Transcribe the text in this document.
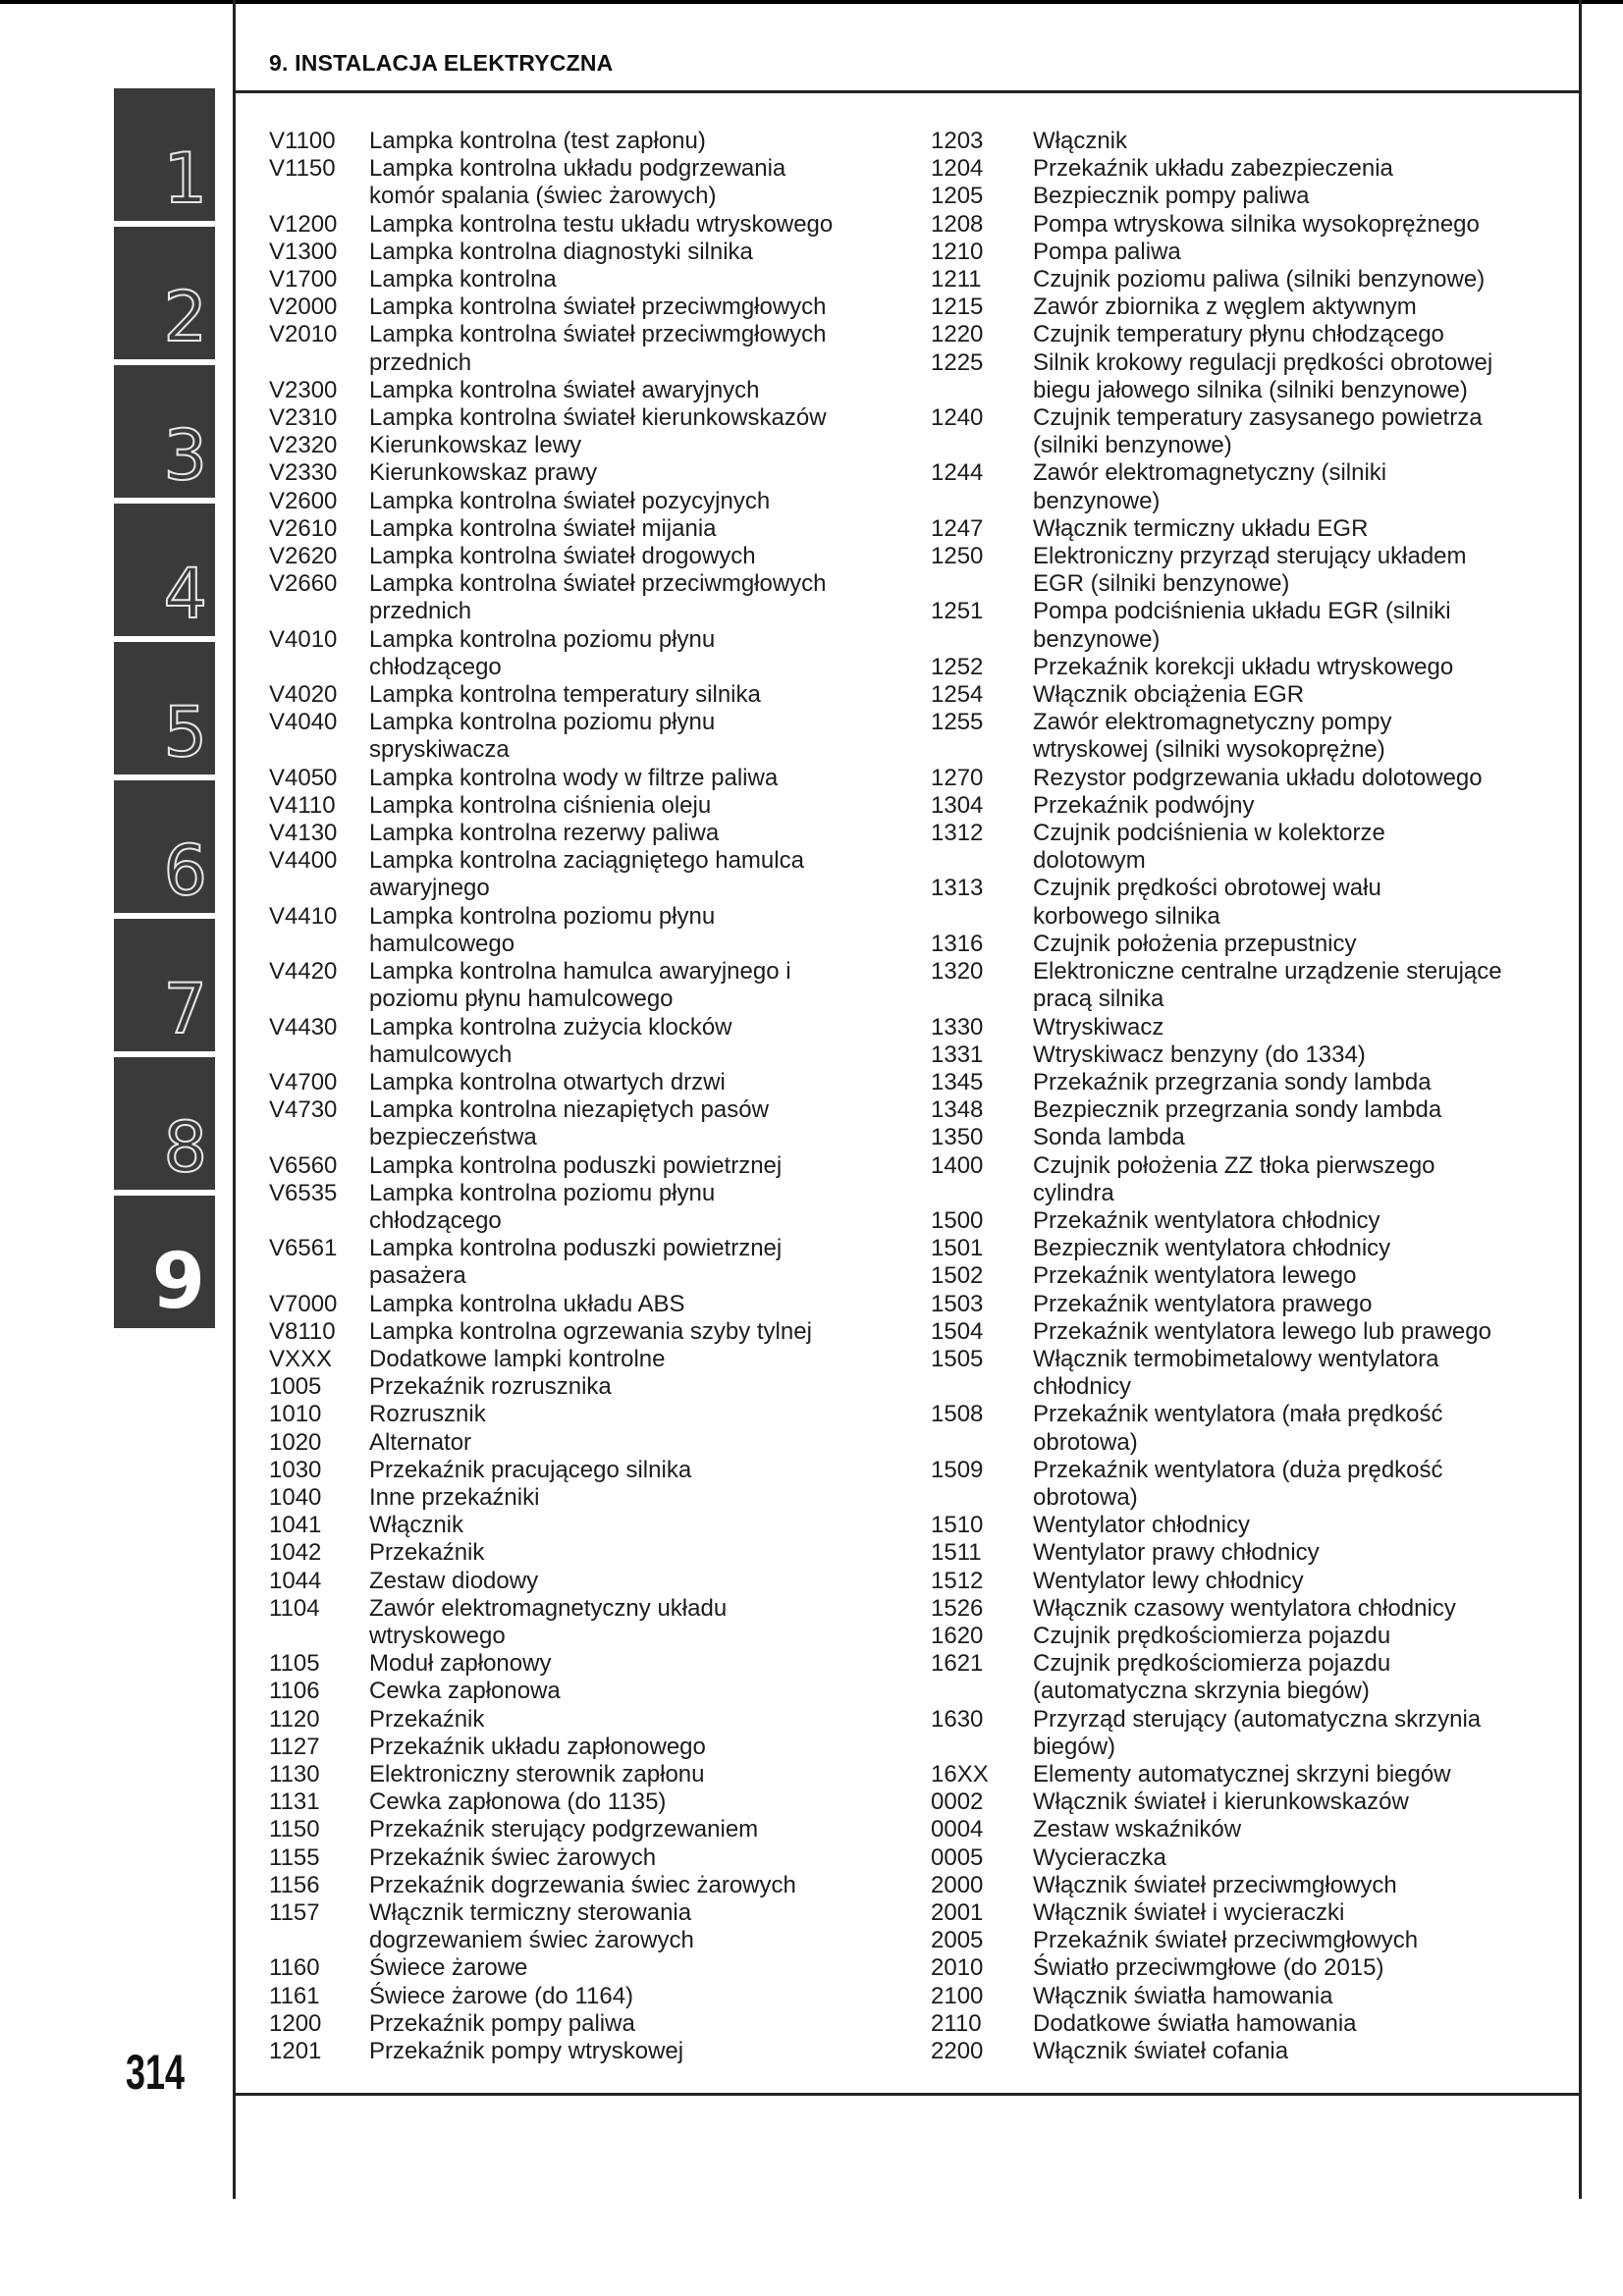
9. INSTALACJA ELEKTRYCZNA
1
2
3
4
5
6
7
8
9
314
V1100	Lampka kontrolna (test zapłonu)
V1150	Lampka kontrolna układu podgrzewania
komór spalania (świec żarowych)
V1200	Lampka kontrolna testu układu wtryskowego
V1300	Lampka kontrolna diagnostyki silnika
V1700	Lampka kontrolna
V2000	Lampka kontrolna świateł przeciwmgłowych
V2010	Lampka kontrolna świateł przeciwmgłowych
przednich
V2300	Lampka kontrolna świateł awaryjnych
V2310	Lampka kontrolna świateł kierunkowskazów
V2320	Kierunkowskaz lewy
V2330	Kierunkowskaz prawy
V2600	Lampka kontrolna świateł pozycyjnych
V2610	Lampka kontrolna świateł mijania
V2620	Lampka kontrolna świateł drogowych
V2660	Lampka kontrolna świateł przeciwmgłowych
przednich
V4010	Lampka kontrolna poziomu płynu
chłodzącego
V4020	Lampka kontrolna temperatury silnika
V4040	Lampka kontrolna poziomu płynu
spryskiwacza
V4050	Lampka kontrolna wody w filtrze paliwa
V4110	Lampka kontrolna ciśnienia oleju
V4130	Lampka kontrolna rezerwy paliwa
V4400	Lampka kontrolna zaciągniętego hamulca
awaryjnego
V4410	Lampka kontrolna poziomu płynu
hamulcowego
V4420	Lampka kontrolna hamulca awaryjnego i
poziomu płynu hamulcowego
V4430	Lampka kontrolna zużycia klocków
hamulcowych
V4700	Lampka kontrolna otwartych drzwi
V4730	Lampka kontrolna niezapiętych pasów
bezpieczeństwa
V6560	Lampka kontrolna poduszki powietrznej
V6535	Lampka kontrolna poziomu płynu
chłodzącego
V6561	Lampka kontrolna poduszki powietrznej
pasażera
V7000	Lampka kontrolna układu ABS
V8110	Lampka kontrolna ogrzewania szyby tylnej
VXXX	Dodatkowe lampki kontrolne
1005	Przekaźnik rozrusznika
1010	Rozrusznik
1020	Alternator
1030	Przekaźnik pracującego silnika
1040	Inne przekaźniki
1041	Włącznik
1042	Przekaźnik
1044	Zestaw diodowy
1104	Zawór elektromagnetyczny układu
wtryskowego
1105	Moduł zapłonowy
1106	Cewka zapłonowa
1120	Przekaźnik
1127	Przekaźnik układu zapłonowego
1130	Elektroniczny sterownik zapłonu
1131	Cewka zapłonowa (do 1135)
1150	Przekaźnik sterujący podgrzewaniem
1155	Przekaźnik świec żarowych
1156	Przekaźnik dogrzewania świec żarowych
1157	Włącznik termiczny sterowania
dogrzewaniem świec żarowych
1160	Świece żarowe
1161	Świece żarowe (do 1164)
1200	Przekaźnik pompy paliwa
1201	Przekaźnik pompy wtryskowej
1203	Włącznik
1204	Przekaźnik układu zabezpieczenia
1205	Bezpiecznik pompy paliwa
1208	Pompa wtryskowa silnika wysokoprężnego
1210	Pompa paliwa
1211	Czujnik poziomu paliwa (silniki benzynowe)
1215	Zawór zbiornika z węglem aktywnym
1220	Czujnik temperatury płynu chłodzącego
1225	Silnik krokowy regulacji prędkości obrotowej
biegu jałowego silnika (silniki benzynowe)
1240	Czujnik temperatury zasysanego powietrza
(silniki benzynowe)
1244	Zawór elektromagnetyczny (silniki
benzynowe)
1247	Włącznik termiczny układu EGR
1250	Elektroniczny przyrząd sterujący układem
EGR (silniki benzynowe)
1251	Pompa podciśnienia układu EGR (silniki
benzynowe)
1252	Przekaźnik korekcji układu wtryskowego
1254	Włącznik obciążenia EGR
1255	Zawór elektromagnetyczny pompy
wtryskowej (silniki wysokoprężne)
1270	Rezystor podgrzewania układu dolotowego
1304	Przekaźnik podwójny
1312	Czujnik podciśnienia w kolektorze
dolotowym
1313	Czujnik prędkości obrotowej wału
korbowego silnika
1316	Czujnik położenia przepustnicy
1320	Elektroniczne centralne urządzenie sterujące
pracą silnika
1330	Wtryskiwacz
1331	Wtryskiwacz benzyny (do 1334)
1345	Przekaźnik przegrzania sondy lambda
1348	Bezpiecznik przegrzania sondy lambda
1350	Sonda lambda
1400	Czujnik położenia ZZ tłoka pierwszego
cylindra
1500	Przekaźnik wentylatora chłodnicy
1501	Bezpiecznik wentylatora chłodnicy
1502	Przekaźnik wentylatora lewego
1503	Przekaźnik wentylatora prawego
1504	Przekaźnik wentylatora lewego lub prawego
1505	Włącznik termobimetalowy wentylatora
chłodnicy
1508	Przekaźnik wentylatora (mała prędkość
obrotowa)
1509	Przekaźnik wentylatora (duża prędkość
obrotowa)
1510	Wentylator chłodnicy
1511	Wentylator prawy chłodnicy
1512	Wentylator lewy chłodnicy
1526	Włącznik czasowy wentylatora chłodnicy
1620	Czujnik prędkościomierza pojazdu
1621	Czujnik prędkościomierza pojazdu
(automatyczna skrzynia biegów)
1630	Przyrząd sterujący (automatyczna skrzynia
biegów)
16XX	Elementy automatycznej skrzyni biegów
0002	Włącznik świateł i kierunkowskazów
0004	Zestaw wskaźników
0005	Wycieraczka
2000	Włącznik świateł przeciwmgłowych
2001	Włącznik świateł i wycieraczki
2005	Przekaźnik świateł przeciwmgłowych
2010	Światło przeciwmgłowe (do 2015)
2100	Włącznik światła hamowania
2110	Dodatkowe światła hamowania
2200	Włącznik świateł cofania
